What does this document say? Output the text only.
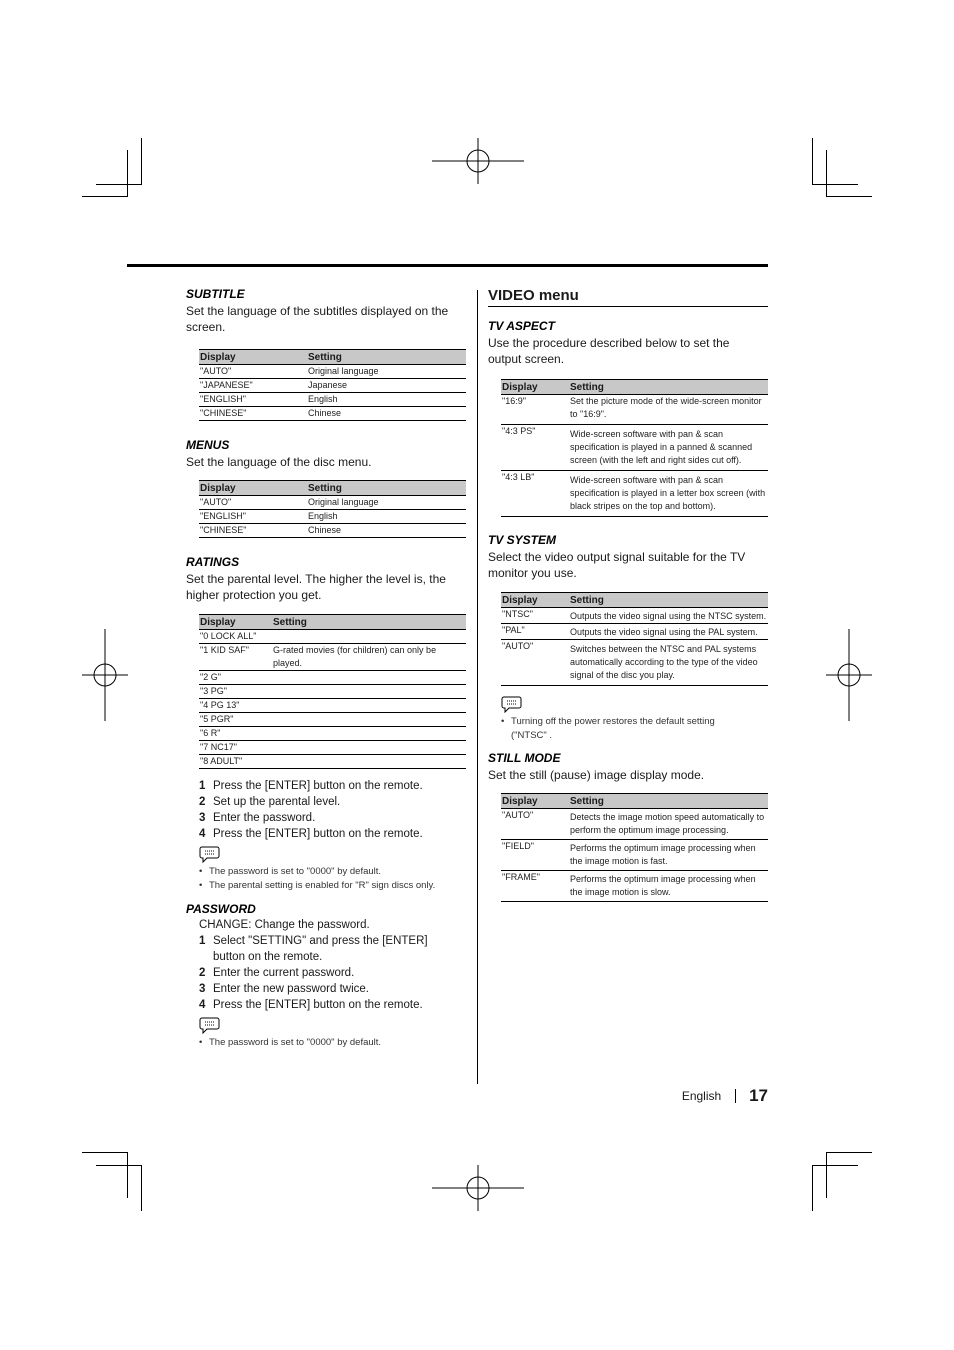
SUBTITLE

Set the language of the subtitles displayed on the screen.

Display	Setting
"AUTO"	Original language
"JAPANESE"	Japanese
"ENGLISH"	English
"CHINESE"	Chinese
MENUS

Set the language of the disc menu.

Display	Setting
"AUTO"	Original language
"ENGLISH"	English
"CHINESE"	Chinese
RATINGS

Set the parental level. The higher the level is, the higher protection you get.

Display	Setting
"0 LOCK ALL"	
"1 KID SAF"	G-rated movies (for children) can only be played.
"2 G"	
"3 PG"	
"4 PG 13"	
"5 PGR"	
"6 R"	
"7 NC17"	
"8 ADULT"	
1 Press the [ENTER] button on the remote.
2 Set up the parental level.
3 Enter the password.
4 Press the [ENTER] button on the remote.
• The password is set to "0000" by default.
• The parental setting is enabled for "R" sign discs only.
PASSWORD

CHANGE: Change the password.

1 Select "SETTING" and press the [ENTER] button on the remote.
2 Enter the current password.
3 Enter the new password twice.
4 Press the [ENTER] button on the remote.
• The password is set to "0000" by default.
VIDEO menu
TV ASPECT

Use the procedure described below to set the output screen.

Display	Setting
"16:9"	Set the picture mode of the wide-screen monitor to "16:9".
"4:3 PS"	Wide-screen software with pan & scan specification is played in a panned & scanned screen (with the left and right sides cut off).
"4:3 LB"	Wide-screen software with pan & scan specification is played in a letter box screen (with black stripes on the top and bottom).
TV SYSTEM

Select the video output signal suitable for the TV monitor you use.

Display	Setting
"NTSC"	Outputs the video signal using the NTSC system.
"PAL"	Outputs the video signal using the PAL system.
"AUTO"	Switches between the NTSC and PAL systems automatically according to the type of the video signal of the disc you play.
• Turning off the power restores the default setting ("NTSC" .
STILL MODE

Set the still (pause) image display mode.

Display	Setting
"AUTO"	Detects the image motion speed automatically to perform the optimum image processing.
"FIELD"	Performs the optimum image processing when the image motion is fast.
"FRAME"	Performs the optimum image processing when the image motion is slow.
English 17
